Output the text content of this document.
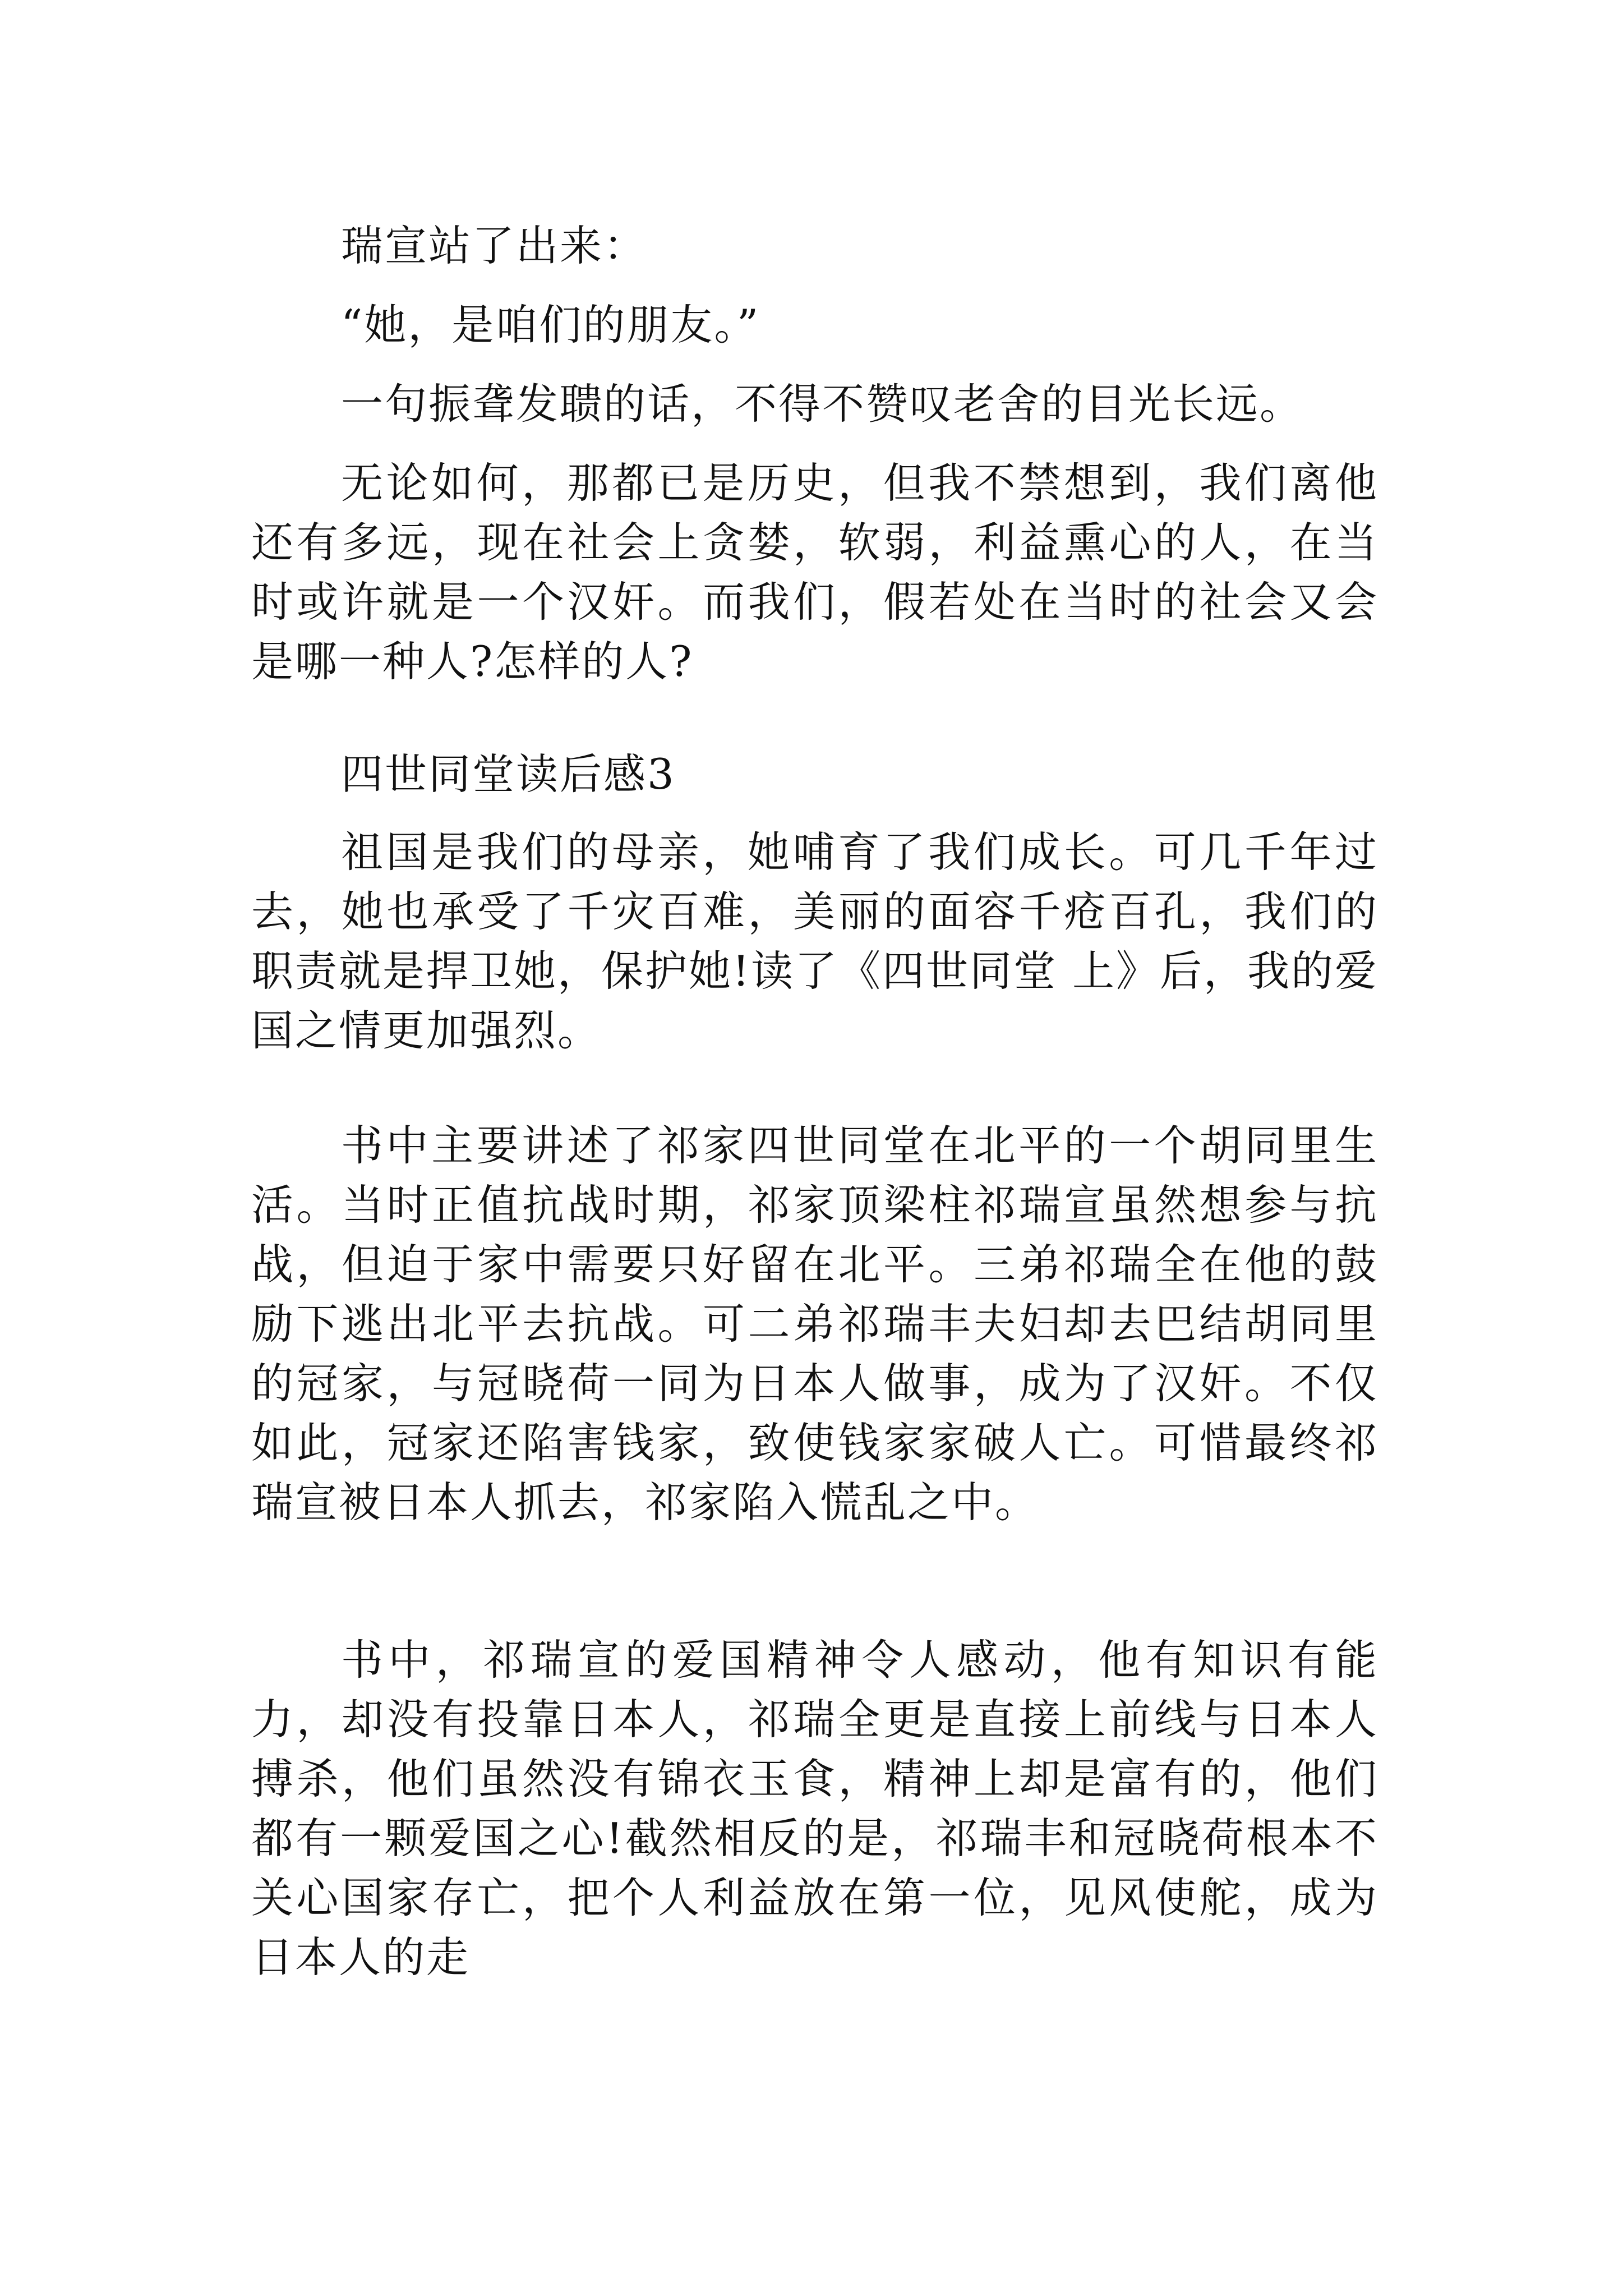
瑞宣站了出来：

“她，是咱们的朋友。”

一句振聋发聩的话，不得不赞叹老舍的目光长远。

无论如何，那都已是历史，但我不禁想到，我们离他还有多远，现在社会上贪婪，软弱，利益熏心的人，在当时或许就是一个汉奸。而我们，假若处在当时的社会又会是哪一种人?怎样的人?

四世同堂读后感3

祖国是我们的母亲，她哺育了我们成长。可几千年过去，她也承受了千灾百难，美丽的面容千疮百孔，我们的职责就是捍卫她，保护她!读了《四世同堂 上》后，我的爱国之情更加强烈。

书中主要讲述了祁家四世同堂在北平的一个胡同里生活。当时正值抗战时期，祁家顶梁柱祁瑞宣虽然想参与抗战，但迫于家中需要只好留在北平。三弟祁瑞全在他的鼓励下逃出北平去抗战。可二弟祁瑞丰夫妇却去巴结胡同里的冠家，与冠晓荷一同为日本人做事，成为了汉奸。不仅如此，冠家还陷害钱家，致使钱家家破人亡。可惜最终祁瑞宣被日本人抓去，祁家陷入慌乱之中。

书中，祁瑞宣的爱国精神令人感动，他有知识有能力，却没有投靠日本人，祁瑞全更是直接上前线与日本人搏杀，他们虽然没有锦衣玉食，精神上却是富有的，他们都有一颗爱国之心!截然相反的是，祁瑞丰和冠晓荷根本不关心国家存亡，把个人利益放在第一位，见风使舵，成为日本人的走
